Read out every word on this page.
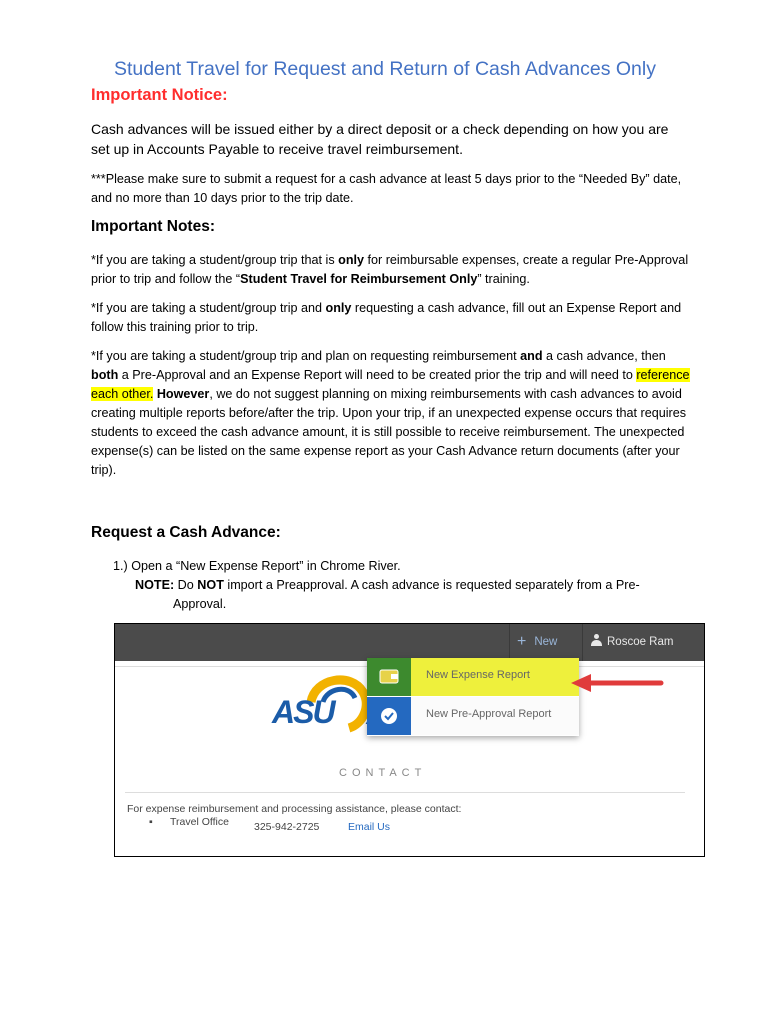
Student Travel for Request and Return of Cash Advances Only
Important Notice:

Cash advances will be issued either by a direct deposit or a check depending on how you are set up in Accounts Payable to receive travel reimbursement.

***Please make sure to submit a request for a cash advance at least 5 days prior to the “Needed By” date, and no more than 10 days prior to the trip date.

Important Notes:

*If you are taking a student/group trip that is only for reimbursable expenses, create a regular Pre-Approval prior to trip and follow the “Student Travel for Reimbursement Only” training.

*If you are taking a student/group trip and only requesting a cash advance, fill out an Expense Report and follow this training prior to trip.

*If you are taking a student/group trip and plan on requesting reimbursement and a cash advance, then both a Pre-Approval and an Expense Report will need to be created prior the trip and will need to reference each other. However, we do not suggest planning on mixing reimbursements with cash advances to avoid creating multiple reports before/after the trip. Upon your trip, if an unexpected expense occurs that requires students to exceed the cash advance amount, it is still possible to receive reimbursement. The unexpected expense(s) can be listed on the same expense report as your Cash Advance return documents (after your trip).

Request a Cash Advance:
1.) Open a “New Expense Report” in Chrome River.
NOTE: Do NOT import a Preapproval. A cash advance is requested separately from a Pre-
Approval.
+ New	Roscoe Ram
ASU
New Expense Report
New Pre-Approval Report
CONTACT
For expense reimbursement and processing assistance, please contact:
▪ Travel Office 325-942-2725	Email Us
